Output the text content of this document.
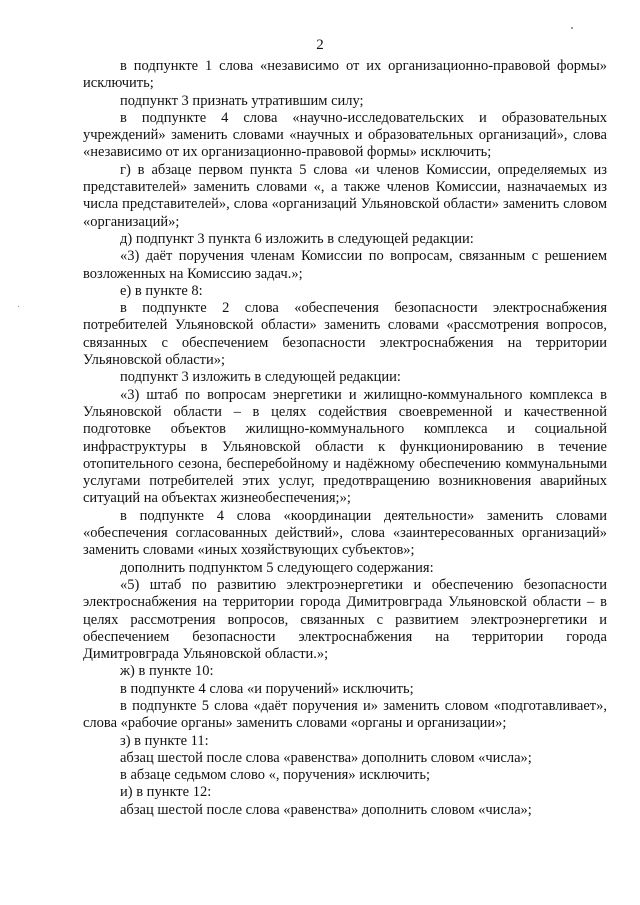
2

в подпункте 1 слова «независимо от их организационно-правовой формы» исключить;

подпункт 3 признать утратившим силу;

в подпункте 4 слова «научно-исследовательских и образовательных учреждений» заменить словами «научных и образовательных организаций», слова «независимо от их организационно-правовой формы» исключить;

г) в абзаце первом пункта 5 слова «и членов Комиссии, определяемых из представителей» заменить словами «, а также членов Комиссии, назначаемых из числа представителей», слова «организаций Ульяновской области» заменить словом «организаций»;

д) подпункт 3 пункта 6 изложить в следующей редакции:

«3) даёт поручения членам Комиссии по вопросам, связанным с решением возложенных на Комиссию задач.»;

е) в пункте 8:

в подпункте 2 слова «обеспечения безопасности электроснабжения потребителей Ульяновской области» заменить словами «рассмотрения вопросов, связанных с обеспечением безопасности электроснабжения на территории Ульяновской области»;

подпункт 3 изложить в следующей редакции:

«3) штаб по вопросам энергетики и жилищно-коммунального комплекса в Ульяновской области – в целях содействия своевременной и качественной подготовке объектов жилищно-коммунального комплекса и социальной инфраструктуры в Ульяновской области к функционированию в течение отопительного сезона, бесперебойному и надёжному обеспечению коммунальными услугами потребителей этих услуг, предотвращению возникновения аварийных ситуаций на объектах жизнеобеспечения;»;

в подпункте 4 слова «координации деятельности» заменить словами «обеспечения согласованных действий», слова «заинтересованных организаций» заменить словами «иных хозяйствующих субъектов»;

дополнить подпунктом 5 следующего содержания:

«5) штаб по развитию электроэнергетики и обеспечению безопасности электроснабжения на территории города Димитровграда Ульяновской области – в целях рассмотрения вопросов, связанных с развитием электроэнергетики и обеспечением безопасности электроснабжения на территории города Димитровграда Ульяновской области.»;

ж) в пункте 10:

в подпункте 4 слова «и поручений» исключить;

в подпункте 5 слова «даёт поручения и» заменить словом «подготавливает», слова «рабочие органы» заменить словами «органы и организации»;

з) в пункте 11:

абзац шестой после слова «равенства» дополнить словом «числа»;

в абзаце седьмом слово «, поручения» исключить;

и) в пункте 12:

абзац шестой после слова «равенства» дополнить словом «числа»;
